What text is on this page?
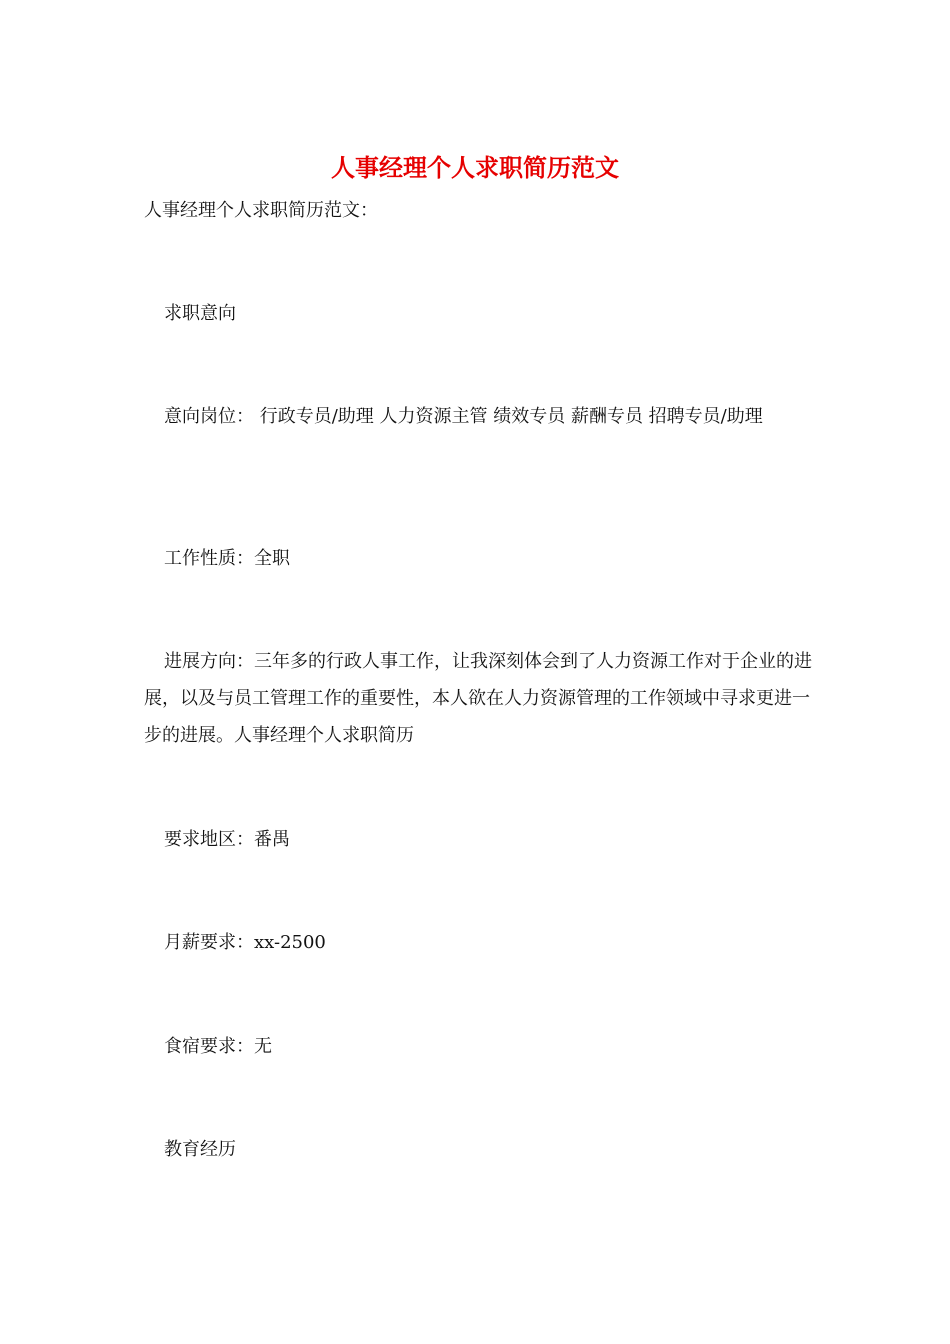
人事经理个人求职简历范文
人事经理个人求职简历范文：
求职意向
意向岗位： 行政专员/助理 人力资源主管 绩效专员 薪酬专员 招聘专员/助理
工作性质：全职
进展方向：三年多的行政人事工作，让我深刻体会到了人力资源工作对于企业的进展，以及与员工管理工作的重要性，本人欲在人力资源管理的工作领域中寻求更进一步的进展。人事经理个人求职简历
要求地区：番禺
月薪要求：xx-2500
食宿要求：无
教育经历
